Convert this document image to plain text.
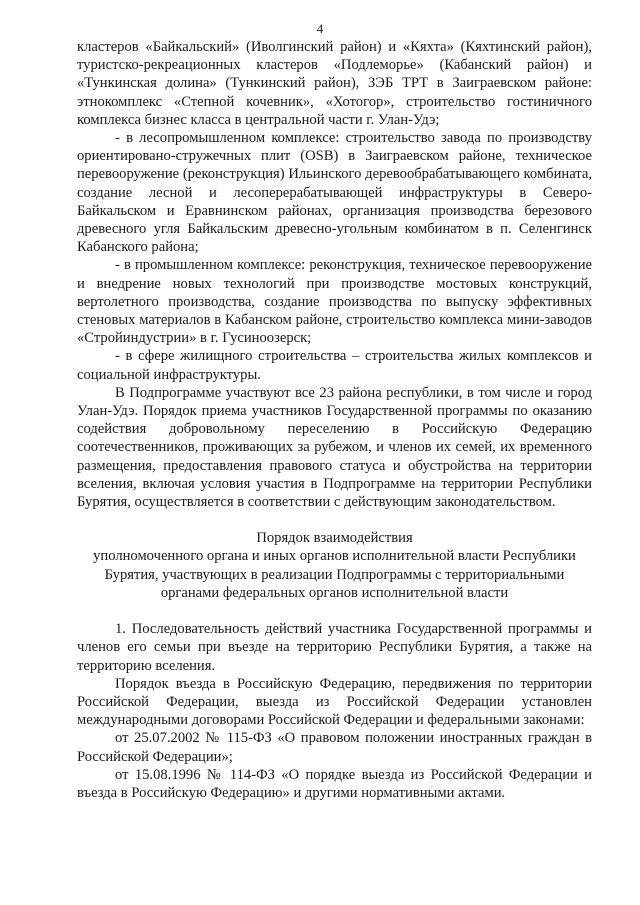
4

кластеров «Байкальский» (Иволгинский район) и «Кяхта» (Кяхтинский район), туристско-рекреационных кластеров «Подлеморье» (Кабанский район) и «Тункинская долина» (Тункинский район), ЗЭБ ТРТ в Заиграевском районе: этнокомплекс «Степной кочевник», «Хотогор», строительство гостиничного комплекса бизнес класса в центральной части г. Улан-Удэ;

- в лесопромышленном комплексе: строительство завода по производству ориентировано-стружечных плит (OSB) в Заиграевском районе, техническое перевооружение (реконструкция) Ильинского деревообрабатывающего комбината, создание лесной и лесоперерабатывающей инфраструктуры в Северо-Байкальском и Еравнинском районах, организация производства березового древесного угля Байкальским древесно-угольным комбинатом в п. Селенгинск Кабанского района;

- в промышленном комплексе: реконструкция, техническое перевооружение и внедрение новых технологий при производстве мостовых конструкций, вертолетного производства, создание производства по выпуску эффективных стеновых материалов в Кабанском районе, строительство комплекса мини-заводов «Стройиндустрии» в г. Гусиноозерск;

- в сфере жилищного строительства – строительства жилых комплексов и социальной инфраструктуры.

В Подпрограмме участвуют все 23 района республики, в том числе и город Улан-Удэ. Порядок приема участников Государственной программы по оказанию содействия добровольному переселению в Российскую Федерацию соотечественников, проживающих за рубежом, и членов их семей, их временного размещения, предоставления правового статуса и обустройства на территории вселения, включая условия участия в Подпрограмме на территории Республики Бурятия, осуществляется в соответствии с действующим законодательством.

Порядок взаимодействия
уполномоченного органа и иных органов исполнительной власти Республики
Бурятия, участвующих в реализации Подпрограммы с территориальными
органами федеральных органов исполнительной власти

1. Последовательность действий участника Государственной программы и членов его семьи при въезде на территорию Республики Бурятия, а также на территорию вселения.

Порядок въезда в Российскую Федерацию, передвижения по территории Российской Федерации, выезда из Российской Федерации установлен международными договорами Российской Федерации и федеральными законами:

от 25.07.2002 № 115-ФЗ «О правовом положении иностранных граждан в Российской Федерации»;

от 15.08.1996 № 114-ФЗ «О порядке выезда из Российской Федерации и въезда в Российскую Федерацию» и другими нормативными актами.
